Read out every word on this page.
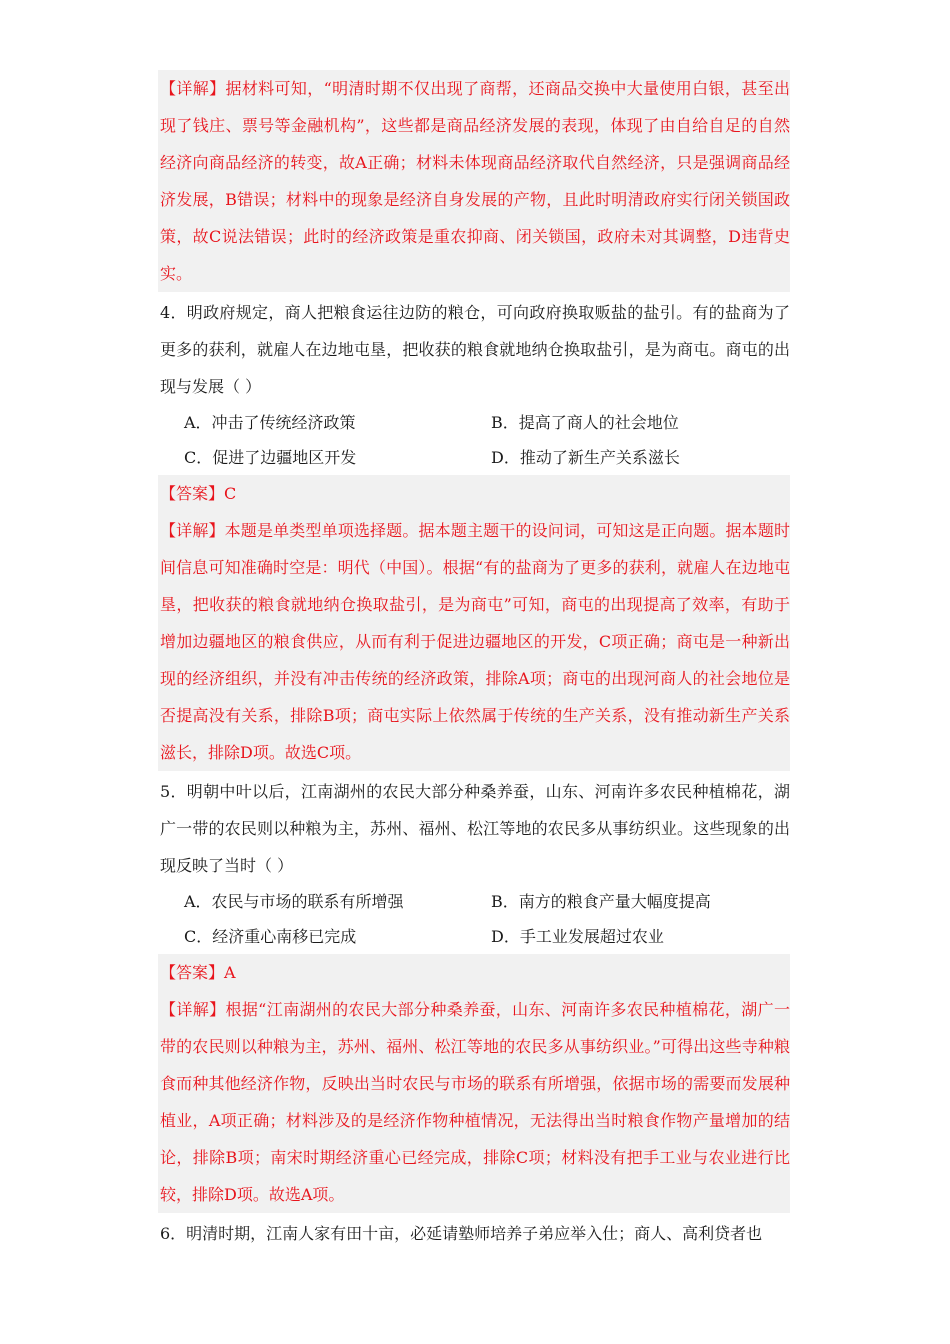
【详解】据材料可知，“明清时期不仅出现了商帮，还商品交换中大量使用白银，甚至出现了钱庄、票号等金融机构”，这些都是商品经济发展的表现，体现了由自给自足的自然经济向商品经济的转变，故A正确；材料未体现商品经济取代自然经济，只是强调商品经济发展，B错误；材料中的现象是经济自身发展的产物，且此时明清政府实行闭关锁国政策，故C说法错误；此时的经济政策是重农抑商、闭关锁国，政府未对其调整，D违背史实。

4．明政府规定，商人把粮食运往边防的粮仓，可向政府换取贩盐的盐引。有的盐商为了更多的获利，就雇人在边地屯垦，把收获的粮食就地纳仓换取盐引，是为商屯。商屯的出现与发展（ ）

A．冲击了传统经济政策	B．提高了商人的社会地位
C．促进了边疆地区开发	D．推动了新生产关系滋长

【答案】C

【详解】本题是单类型单项选择题。据本题主题干的设问词，可知这是正向题。据本题时间信息可知准确时空是：明代（中国）。根据“有的盐商为了更多的获利，就雇人在边地屯垦，把收获的粮食就地纳仓换取盐引，是为商屯”可知，商屯的出现提高了效率，有助于增加边疆地区的粮食供应，从而有利于促进边疆地区的开发，C项正确；商屯是一种新出现的经济组织，并没有冲击传统的经济政策，排除A项；商屯的出现河商人的社会地位是否提高没有关系，排除B项；商屯实际上依然属于传统的生产关系，没有推动新生产关系滋长，排除D项。故选C项。

5．明朝中叶以后，江南湖州的农民大部分种桑养蚕，山东、河南许多农民种植棉花，湖广一带的农民则以种粮为主，苏州、福州、松江等地的农民多从事纺织业。这些现象的出现反映了当时（ ）

A．农民与市场的联系有所增强	B．南方的粮食产量大幅度提高
C．经济重心南移已完成	D．手工业发展超过农业

【答案】A

【详解】根据“江南湖州的农民大部分种桑养蚕，山东、河南许多农民种植棉花，湖广一带的农民则以种粮为主，苏州、福州、松江等地的农民多从事纺织业。”可得出这些寺种粮食而种其他经济作物，反映出当时农民与市场的联系有所增强，依据市场的需要而发展种植业，A项正确；材料涉及的是经济作物种植情况，无法得出当时粮食作物产量增加的结论，排除B项；南宋时期经济重心已经完成，排除C项；材料没有把手工业与农业进行比较，排除D项。故选A项。

6．明清时期，江南人家有田十亩，必延请塾师培养子弟应举入仕；商人、高利贷者也
